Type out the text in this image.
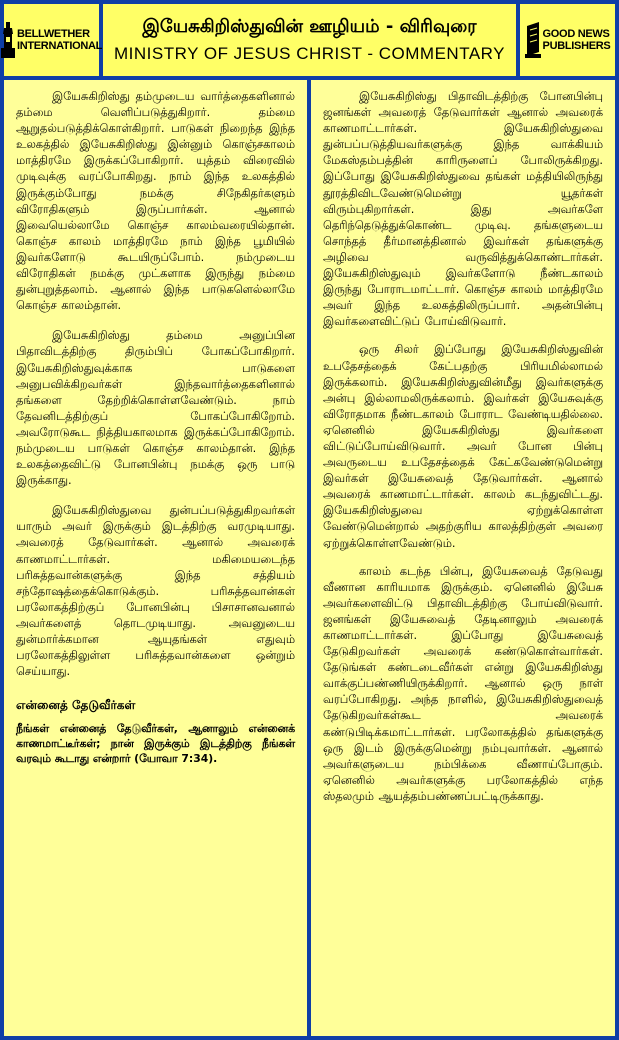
BELLWETHER
INTERNATIONAL
இயேசுகிறிஸ்துவின் ஊழியம் - விரிவுரை
MINISTRY OF JESUS CHRIST - COMMENTARY
GOOD NEWS
PUBLISHERS

இயேசுகிறிஸ்து தம்முடைய வார்த்தைகளினால் தம்மை வெளிப்படுத்துகிறார். தம்மை ஆறுதல்படுத்திக்கொள்கிறார். பாடுகள் நிறைந்த இந்த உலகத்தில் இயேசுகிறிஸ்து இன்னும் கொஞ்சகாலம் மாத்திரமே இருக்கப்போகிறார். யுத்தம் விரைவில் முடிவுக்கு வரப்போகிறது. நாம் இந்த உலகத்தில் இருக்கும்போது நமக்கு சிநேகிதர்களும் விரோதிகளும் இருப்பார்கள். ஆனால் இவையெல்லாமே கொஞ்ச காலம்வரையில்தான். கொஞ்ச காலம் மாத்திரமே நாம் இந்த பூமியில் இவர்களோடு கூடயிருப்போம். நம்முடைய விரோதிகள் நமக்கு முட்களாக இருந்து நம்மை துன்புறுத்தலாம். ஆனால் இந்த பாடுகளெல்லாமே கொஞ்ச காலம்தான்.

இயேசுகிறிஸ்து தம்மை அனுப்பின பிதாவிடத்திற்கு திரும்பிப் போகப்போகிறார். இயேசுகிறிஸ்துவுக்காக பாடுகளை அனுபவிக்கிறவர்கள் இந்தவார்த்தைகளினால் தங்களை தேற்றிக்கொள்ளவேண்டும். நாம் தேவனிடத்திற்குப் போகப்போகிறோம். அவரோடுகூட நித்தியகாலமாக இருக்கப்போகிறோம். நம்முடைய பாடுகள் கொஞ்ச காலம்தான். இந்த உலகத்தைவிட்டு போனபின்பு நமக்கு ஒரு பாடு இருக்காது.

இயேசுகிறிஸ்துவை துன்பப்படுத்துகிறவர்கள் யாரும் அவர் இருக்கும் இடத்திற்கு வரமுடியாது. அவரைத் தேடுவார்கள். ஆனால் அவரைக் காணமாட்டார்கள். மகிமையடைந்த பரிசுத்தவான்களுக்கு இந்த சத்தியம் சந்தோஷத்தைக்கொடுக்கும். பரிசுத்தவான்கள் பரலோகத்திற்குப் போனபின்பு பிசாசானவனால் அவர்களைத் தொடமுடியாது. அவனுடைய துன்மார்க்கமான ஆயுதங்கள் எதுவும் பரலோகத்திலுள்ள பரிசுத்தவான்களை ஒன்றும் செய்யாது.

என்னைத் தேடுவீர்கள்

நீங்கள் என்னைத் தேடுவீர்கள், ஆனாலும் என்னைக் காணமாட்டீர்கள்; நான் இருக்கும் இடத்திற்கு நீங்கள் வரவும் கூடாது என்றார் (யோவா 7:34).

இயேசுகிறிஸ்து பிதாவிடத்திற்கு போனபின்பு ஜனங்கள் அவரைத் தேடுவார்கள் ஆனால் அவரைக் காணமாட்டார்கள். இயேசுகிறிஸ்துவை துன்பப்படுத்தியவர்களுக்கு இந்த வாக்கியம் மேகஸ்தம்பத்தின் காரிருளைப் போலிருக்கிறது. இப்போது இயேசுகிறிஸ்துவை தங்கள் மத்தியிலிருந்து தூரத்திவிடவேண்டுமென்று யூதர்கள் விரும்புகிறார்கள். இது அவர்களே தெரிந்தெடுத்துக்கொண்ட முடிவு. தங்களுடைய சொந்தத் தீர்மானத்தினால் இவர்கள் தங்களுக்கு அழிவை வருவித்துக்கொண்டார்கள். இயேசுகிறிஸ்துவும் இவர்களோடு நீண்டகாலம் இருந்து போராடமாட்டார். கொஞ்ச காலம் மாத்திரமே அவர் இந்த உலகத்திலிருப்பார். அதன்பின்பு இவர்களைவிட்டுப் போய்விடுவார்.

ஒரு சிலர் இப்போது இயேசுகிறிஸ்துவின் உபதேசத்தைக் கேட்பதற்கு பிரியமில்லாமல் இருக்கலாம். இயேசுகிறிஸ்துவின்மீது இவர்களுக்கு அன்பு இல்லாமலிருக்கலாம். இவர்கள் இயேசுவுக்கு விரோதமாக நீண்டகாலம் போராட வேண்டியதில்லை. ஏனெனில் இயேசுகிறிஸ்து இவர்களை விட்டுப்போய்விடுவார். அவர் போன பின்பு அவருடைய உபதேசத்தைக் கேட்கவேண்டுமென்று இவர்கள் இயேசுவைத் தேடுவார்கள். ஆனால் அவரைக் காணமாட்டார்கள். காலம் கடந்துவிட்டது. இயேசுகிறிஸ்துவை ஏற்றுக்கொள்ள வேண்டுமென்றால் அதற்குரிய காலத்திற்குள் அவரை ஏற்றுக்கொள்ளவேண்டும்.

காலம் கடந்த பின்பு, இயேசுவைத் தேடுவது வீணான காரியமாக இருக்கும். ஏனெனில் இயேசு அவர்களைவிட்டு பிதாவிடத்திற்கு போய்விடுவார். ஜனங்கள் இயேசுவைத் தேடினாலும் அவரைக் காணமாட்டார்கள். இப்போது இயேசுவைத் தேடுகிறவர்கள் அவரைக் கண்டுகொள்வார்கள். தேடுங்கள் கண்டடைவீர்கள் என்று இயேசுகிறிஸ்து வாக்குப்பண்ணியிருக்கிறார். ஆனால் ஒரு நாள் வரப்போகிறது. அந்த நாளில், இயேசுகிறிஸ்துவைத் தேடுகிறவர்கள்கூட அவரைக் கண்டுபிடிக்கமாட்டார்கள். பரலோகத்தில் தங்களுக்கு ஒரு இடம் இருக்குமென்று நம்புவார்கள். ஆனால் அவர்களுடைய நம்பிக்கை வீணாய்போகும். ஏனெனில் அவர்களுக்கு பரலோகத்தில் எந்த ஸ்தலமும் ஆயத்தம்பண்ணப்பட்டிருக்காது.
